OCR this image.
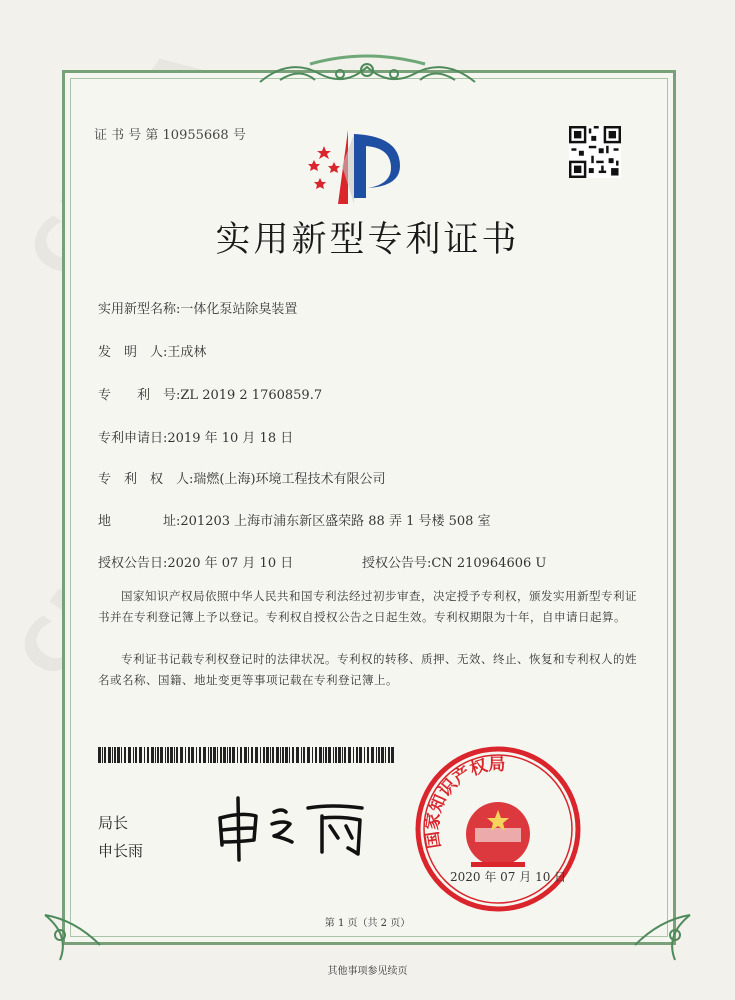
证 书 号 第 10955668 号
实用新型专利证书
实用新型名称:一体化泵站除臭装置
发　明　人:王成林
专　　利　号:ZL 2019 2 1760859.7
专利申请日:2019 年 10 月 18 日
专　利　权　人:瑞燃(上海)环境工程技术有限公司
地　　　　址:201203 上海市浦东新区盛荣路 88 弄 1 号楼 508 室
授权公告日:2020 年 07 月 10 日	授权公告号:CN 210964606 U
国家知识产权局依照中华人民共和国专利法经过初步审查，决定授予专利权，颁发实用新型专利证书并在专利登记簿上予以登记。专利权自授权公告之日起生效。专利权期限为十年，自申请日起算。
专利证书记载专利权登记时的法律状况。专利权的转移、质押、无效、终止、恢复和专利权人的姓名或名称、国籍、地址变更等事项记载在专利登记簿上。
局长
申长雨
国家知识产权局
2020 年 07 月 10 日
第 1 页（共 2 页）
其他事项参见续页
